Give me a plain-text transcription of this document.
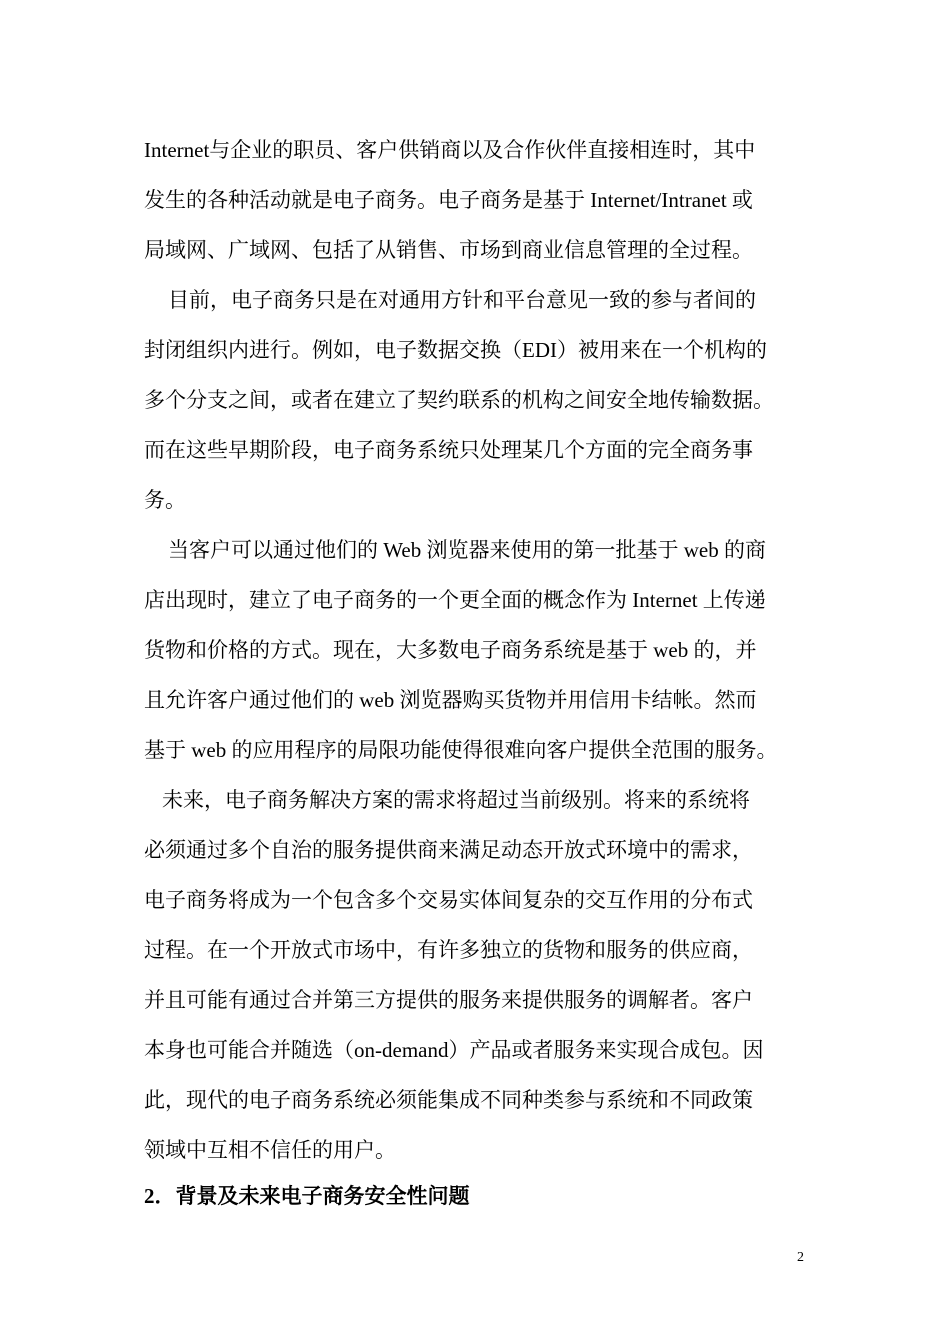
Internet与企业的职员、客户供销商以及合作伙伴直接相连时，其中
发生的各种活动就是电子商务。电子商务是基于 Internet/Intranet 或
局域网、广域网、包括了从销售、市场到商业信息管理的全过程。
目前，电子商务只是在对通用方针和平台意见一致的参与者间的
封闭组织内进行。例如，电子数据交换（EDI）被用来在一个机构的
多个分支之间，或者在建立了契约联系的机构之间安全地传输数据。
而在这些早期阶段，电子商务系统只处理某几个方面的完全商务事
务。
当客户可以通过他们的 Web 浏览器来使用的第一批基于 web 的商
店出现时，建立了电子商务的一个更全面的概念作为 Internet 上传递
货物和价格的方式。现在，大多数电子商务系统是基于 web 的，并
且允许客户通过他们的 web 浏览器购买货物并用信用卡结帐。然而
基于 web 的应用程序的局限功能使得很难向客户提供全范围的服务。
未来，电子商务解决方案的需求将超过当前级别。将来的系统将
必须通过多个自治的服务提供商来满足动态开放式环境中的需求，
电子商务将成为一个包含多个交易实体间复杂的交互作用的分布式
过程。在一个开放式市场中，有许多独立的货物和服务的供应商，
并且可能有通过合并第三方提供的服务来提供服务的调解者。客户
本身也可能合并随选（on-demand）产品或者服务来实现合成包。因
此，现代的电子商务系统必须能集成不同种类参与系统和不同政策
领域中互相不信任的用户。
2．背景及未来电子商务安全性问题
2
